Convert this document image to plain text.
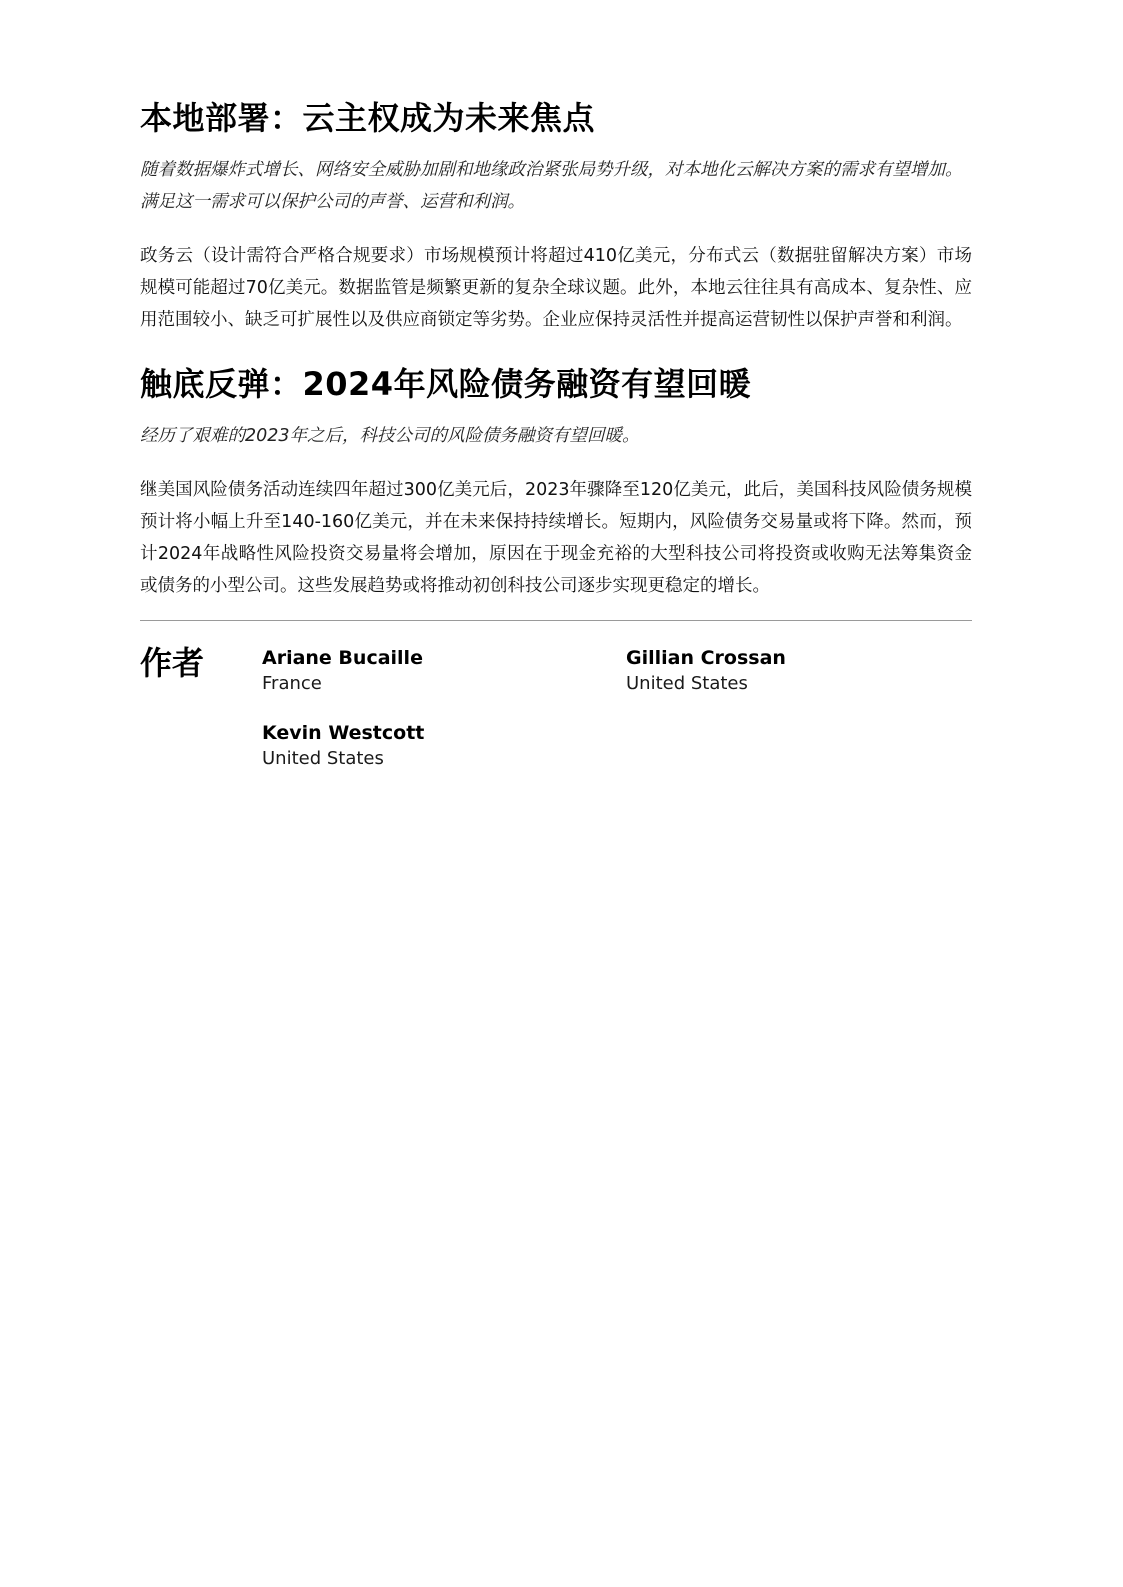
本地部署：云主权成为未来焦点

随着数据爆炸式增长、网络安全威胁加剧和地缘政治紧张局势升级，对本地化云解决方案的需求有望增加。满足这一需求可以保护公司的声誉、运营和利润。

政务云（设计需符合严格合规要求）市场规模预计将超过410亿美元，分布式云（数据驻留解决方案）市场规模可能超过70亿美元。数据监管是频繁更新的复杂全球议题。此外，本地云往往具有高成本、复杂性、应用范围较小、缺乏可扩展性以及供应商锁定等劣势。企业应保持灵活性并提高运营韧性以保护声誉和利润。

触底反弹：2024年风险债务融资有望回暖

经历了艰难的2023年之后，科技公司的风险债务融资有望回暖。

继美国风险债务活动连续四年超过300亿美元后，2023年骤降至120亿美元，此后，美国科技风险债务规模预计将小幅上升至140-160亿美元，并在未来保持持续增长。短期内，风险债务交易量或将下降。然而，预计2024年战略性风险投资交易量将会增加，原因在于现金充裕的大型科技公司将投资或收购无法筹集资金或债务的小型公司。这些发展趋势或将推动初创科技公司逐步实现更稳定的增长。

作者	Ariane Bucaille
France
Gillian Crossan
United States
Kevin Westcott
United States
